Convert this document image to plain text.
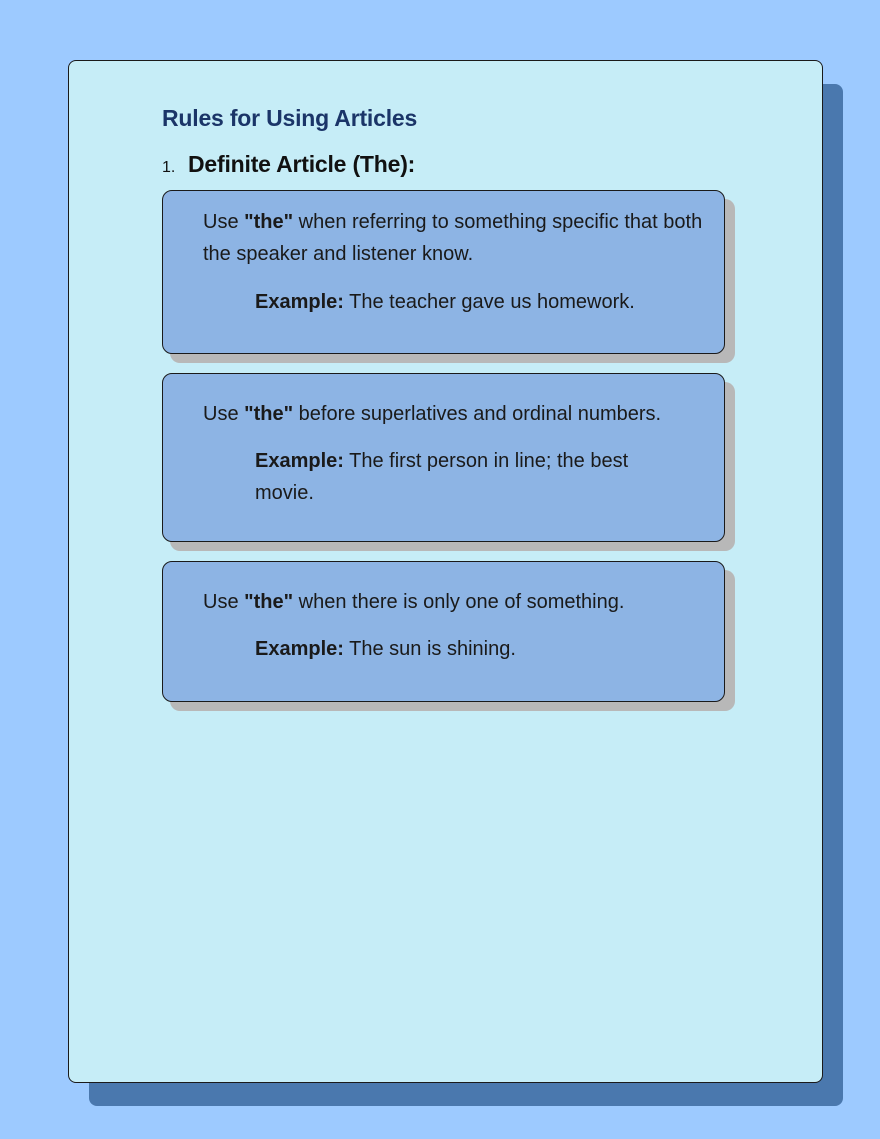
Rules for Using Articles
1. Definite Article (The):

Use "the" when referring to something specific that both the speaker and listener know.

Example: The teacher gave us homework.

Use "the" before superlatives and ordinal numbers.

Example: The first person in line; the best movie.

Use "the" when there is only one of something.

Example: The sun is shining.
